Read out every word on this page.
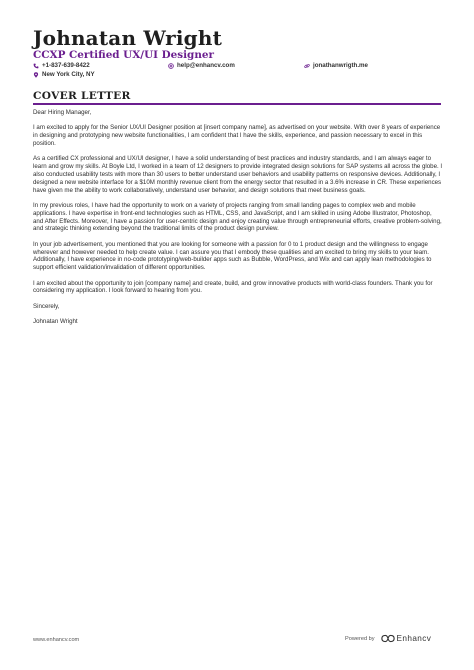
Johnatan Wright
CCXP Certified UX/UI Designer
+1-837-639-8422	help@enhancv.com	jonathanwrigth.me
New York City, NY
COVER LETTER

Dear Hiring Manager,

I am excited to apply for the Senior UX/UI Designer position at [insert company name], as advertised on your website. With over 8 years of experience in designing and prototyping new website functionalities, I am confident that I have the skills, experience, and passion necessary to excel in this position.

As a certified CX professional and UX/UI designer, I have a solid understanding of best practices and industry standards, and I am always eager to learn and grow my skills. At Boyle Ltd, I worked in a team of 12 designers to provide integrated design solutions for SAP systems all across the globe. I also conducted usability tests with more than 30 users to better understand user behaviors and usability patterns on responsive devices. Additionally, I designed a new website interface for a $10M monthly revenue client from the energy sector that resulted in a 3.6% increase in CR. These experiences have given me the ability to work collaboratively, understand user behavior, and design solutions that meet business goals.

In my previous roles, I have had the opportunity to work on a variety of projects ranging from small landing pages to complex web and mobile applications. I have expertise in front-end technologies such as HTML, CSS, and JavaScript, and I am skilled in using Adobe Illustrator, Photoshop, and After Effects. Moreover, I have a passion for user-centric design and enjoy creating value through entrepreneurial efforts, creative problem-solving, and strategic thinking extending beyond the traditional limits of the product design purview.

In your job advertisement, you mentioned that you are looking for someone with a passion for 0 to 1 product design and the willingness to engage wherever and however needed to help create value. I can assure you that I embody these qualities and am excited to bring my skills to your team. Additionally, I have experience in no-code prototyping/web-builder apps such as Bubble, WordPress, and Wix and can apply lean methodologies to support efficient validation/invalidation of different opportunities.

I am excited about the opportunity to join [company name] and create, build, and grow innovative products with world-class founders. Thank you for considering my application. I look forward to hearing from you.

Sincerely,

Johnatan Wright

www.enhancv.com	Powered by	Enhancv
